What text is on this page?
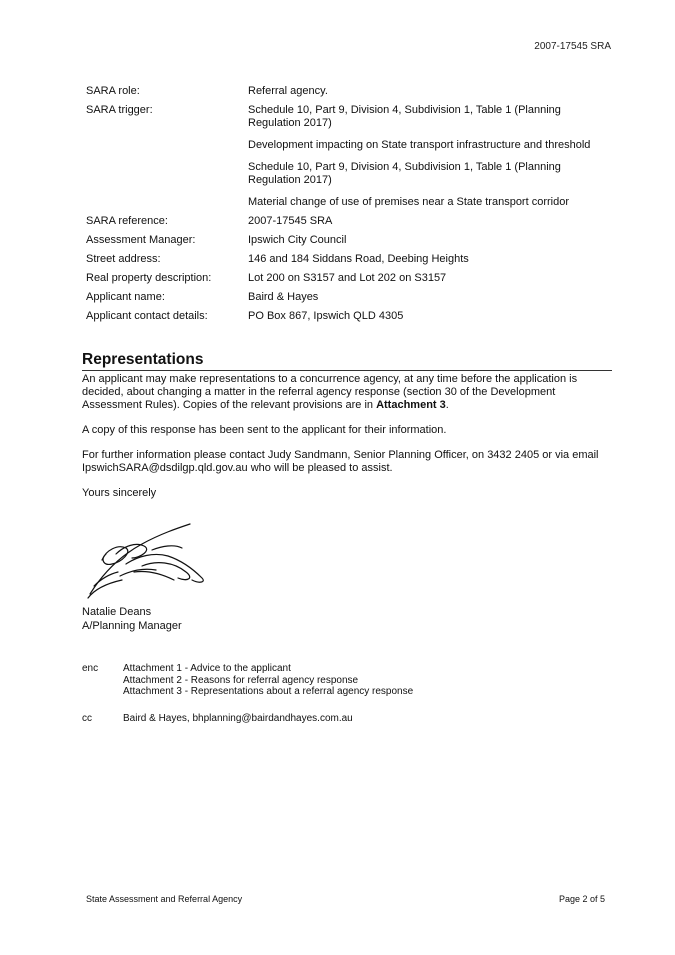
2007-17545 SRA
SARA role:	Referral agency.

SARA trigger:	Schedule 10, Part 9, Division 4, Subdivision 1, Table 1 (Planning Regulation 2017)

Development impacting on State transport infrastructure and threshold

Schedule 10, Part 9, Division 4, Subdivision 1, Table 1 (Planning Regulation 2017)

Material change of use of premises near a State transport corridor

SARA reference:	2007-17545 SRA

Assessment Manager:	Ipswich City Council

Street address:	146 and 184 Siddans Road, Deebing Heights

Real property description:	Lot 200 on S3157 and Lot 202 on S3157

Applicant name:	Baird & Hayes

Applicant contact details:	PO Box 867, Ipswich QLD 4305

Representations

An applicant may make representations to a concurrence agency, at any time before the application is decided, about changing a matter in the referral agency response (section 30 of the Development Assessment Rules). Copies of the relevant provisions are in Attachment 3.

A copy of this response has been sent to the applicant for their information.

For further information please contact Judy Sandmann, Senior Planning Officer, on 3432 2405 or via email IpswichSARA@dsdilgp.qld.gov.au who will be pleased to assist.

Yours sincerely

Natalie Deans
A/Planning Manager
enc	Attachment 1 - Advice to the applicant
Attachment 2 - Reasons for referral agency response
Attachment 3 - Representations about a referral agency response
cc	Baird & Hayes, bhplanning@bairdandhayes.com.au
State Assessment and Referral Agency	Page 2 of 5
